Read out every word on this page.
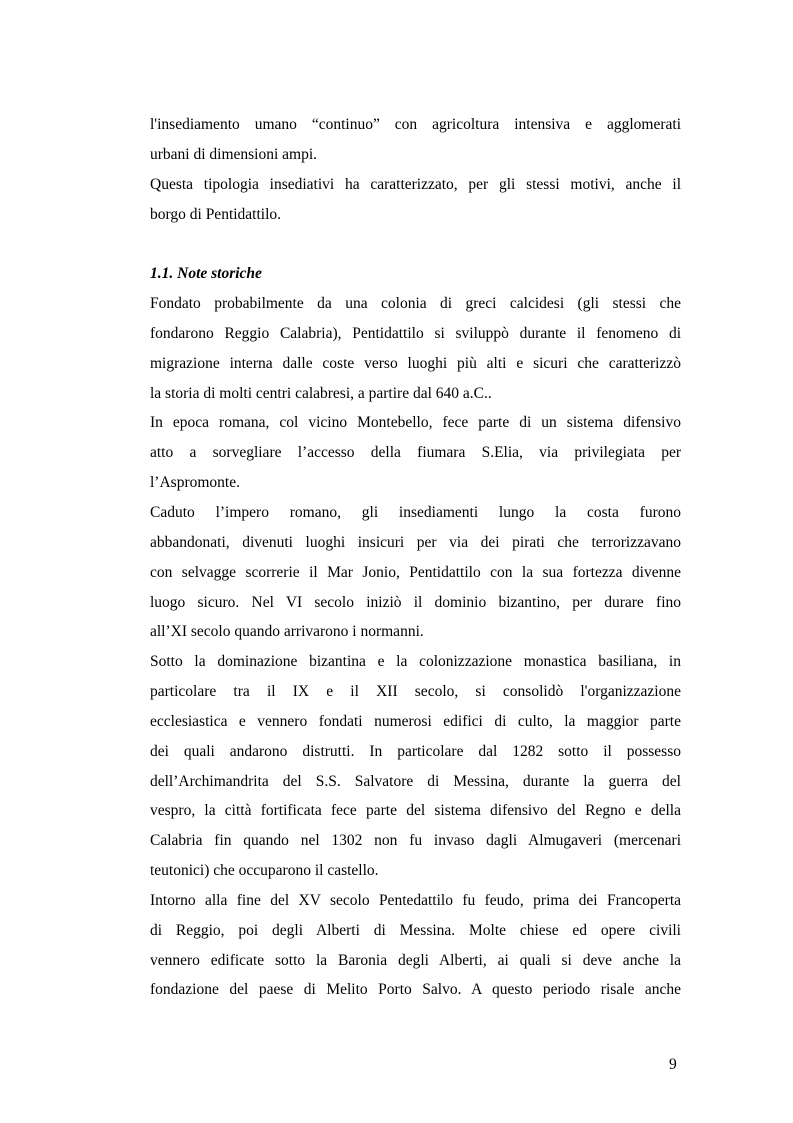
l'insediamento umano “continuo” con agricoltura intensiva e agglomerati
urbani di dimensioni ampi.
Questa tipologia insediativi ha caratterizzato, per gli stessi motivi, anche il
borgo di Pentidattilo.
1.1. Note storiche
Fondato probabilmente da una colonia di greci calcidesi (gli stessi che
fondarono Reggio Calabria), Pentidattilo si sviluppò durante il fenomeno di
migrazione interna dalle coste verso luoghi più alti e sicuri che caratterizzò
la storia di molti centri calabresi, a partire dal 640 a.C..
In epoca romana, col vicino Montebello, fece parte di un sistema difensivo
atto a sorvegliare l’accesso della fiumara S.Elia, via privilegiata per
l’Aspromonte.
Caduto l’impero romano, gli insediamenti lungo la costa furono
abbandonati, divenuti luoghi insicuri per via dei pirati che terrorizzavano
con selvagge scorrerie il Mar Jonio, Pentidattilo con la sua fortezza divenne
luogo sicuro. Nel VI secolo iniziò il dominio bizantino, per durare fino
all’XI secolo quando arrivarono i normanni.
Sotto la dominazione bizantina e la colonizzazione monastica basiliana, in
particolare tra il IX e il XII secolo, si consolidò l'organizzazione
ecclesiastica e vennero fondati numerosi edifici di culto, la maggior parte
dei quali andarono distrutti. In particolare dal 1282 sotto il possesso
dell’Archimandrita del S.S. Salvatore di Messina, durante la guerra del
vespro, la città fortificata fece parte del sistema difensivo del Regno e della
Calabria fin quando nel 1302 non fu invaso dagli Almugaveri (mercenari
teutonici) che occuparono il castello.
Intorno alla fine del XV secolo Pentedattilo fu feudo, prima dei Francoperta
di Reggio, poi degli Alberti di Messina. Molte chiese ed opere civili
vennero edificate sotto la Baronia degli Alberti, ai quali si deve anche la
fondazione del paese di Melito Porto Salvo. A questo periodo risale anche
9
